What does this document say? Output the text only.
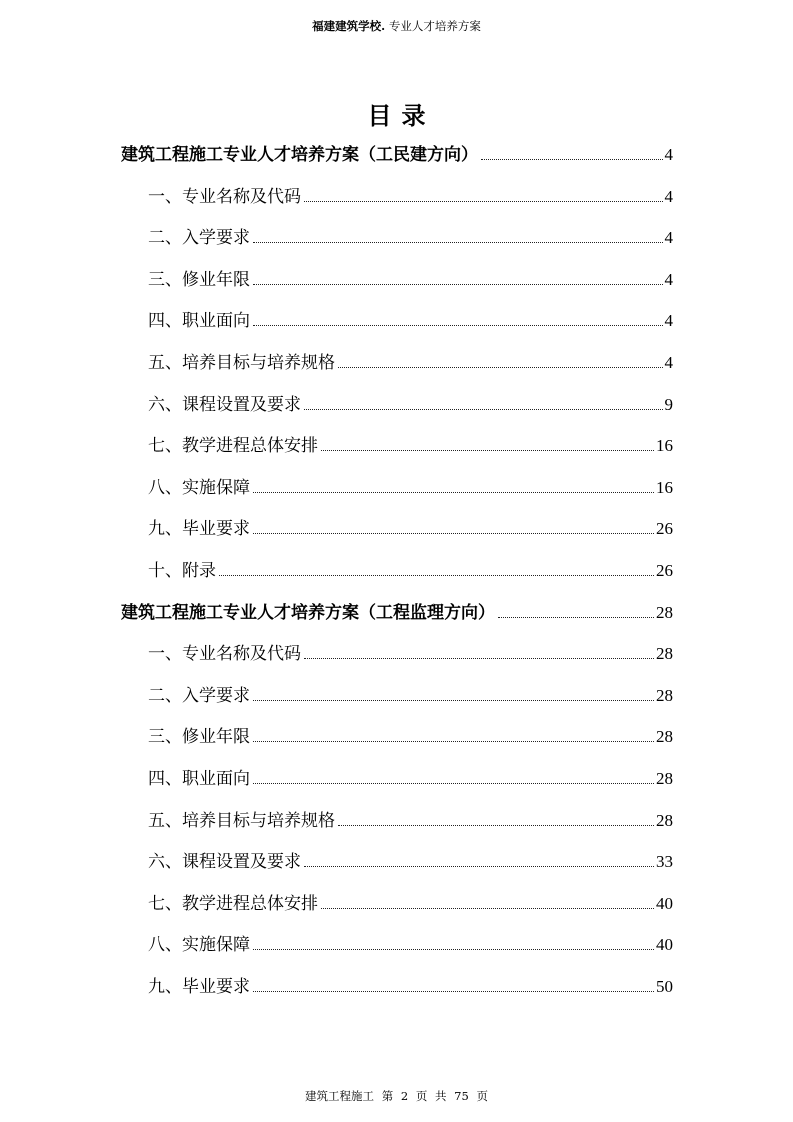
福建建筑学校. 专业人才培养方案
目录
建筑工程施工专业人才培养方案（工民建方向）	4
一、专业名称及代码	4
二、入学要求	4
三、修业年限	4
四、职业面向	4
五、培养目标与培养规格	4
六、课程设置及要求	9
七、教学进程总体安排	16
八、实施保障	16
九、毕业要求	26
十、附录	26
建筑工程施工专业人才培养方案（工程监理方向）	28
一、专业名称及代码	28
二、入学要求	28
三、修业年限	28
四、职业面向	28
五、培养目标与培养规格	28
六、课程设置及要求	33
七、教学进程总体安排	40
八、实施保障	40
九、毕业要求	50
建筑工程施工 第 2 页 共 75 页
